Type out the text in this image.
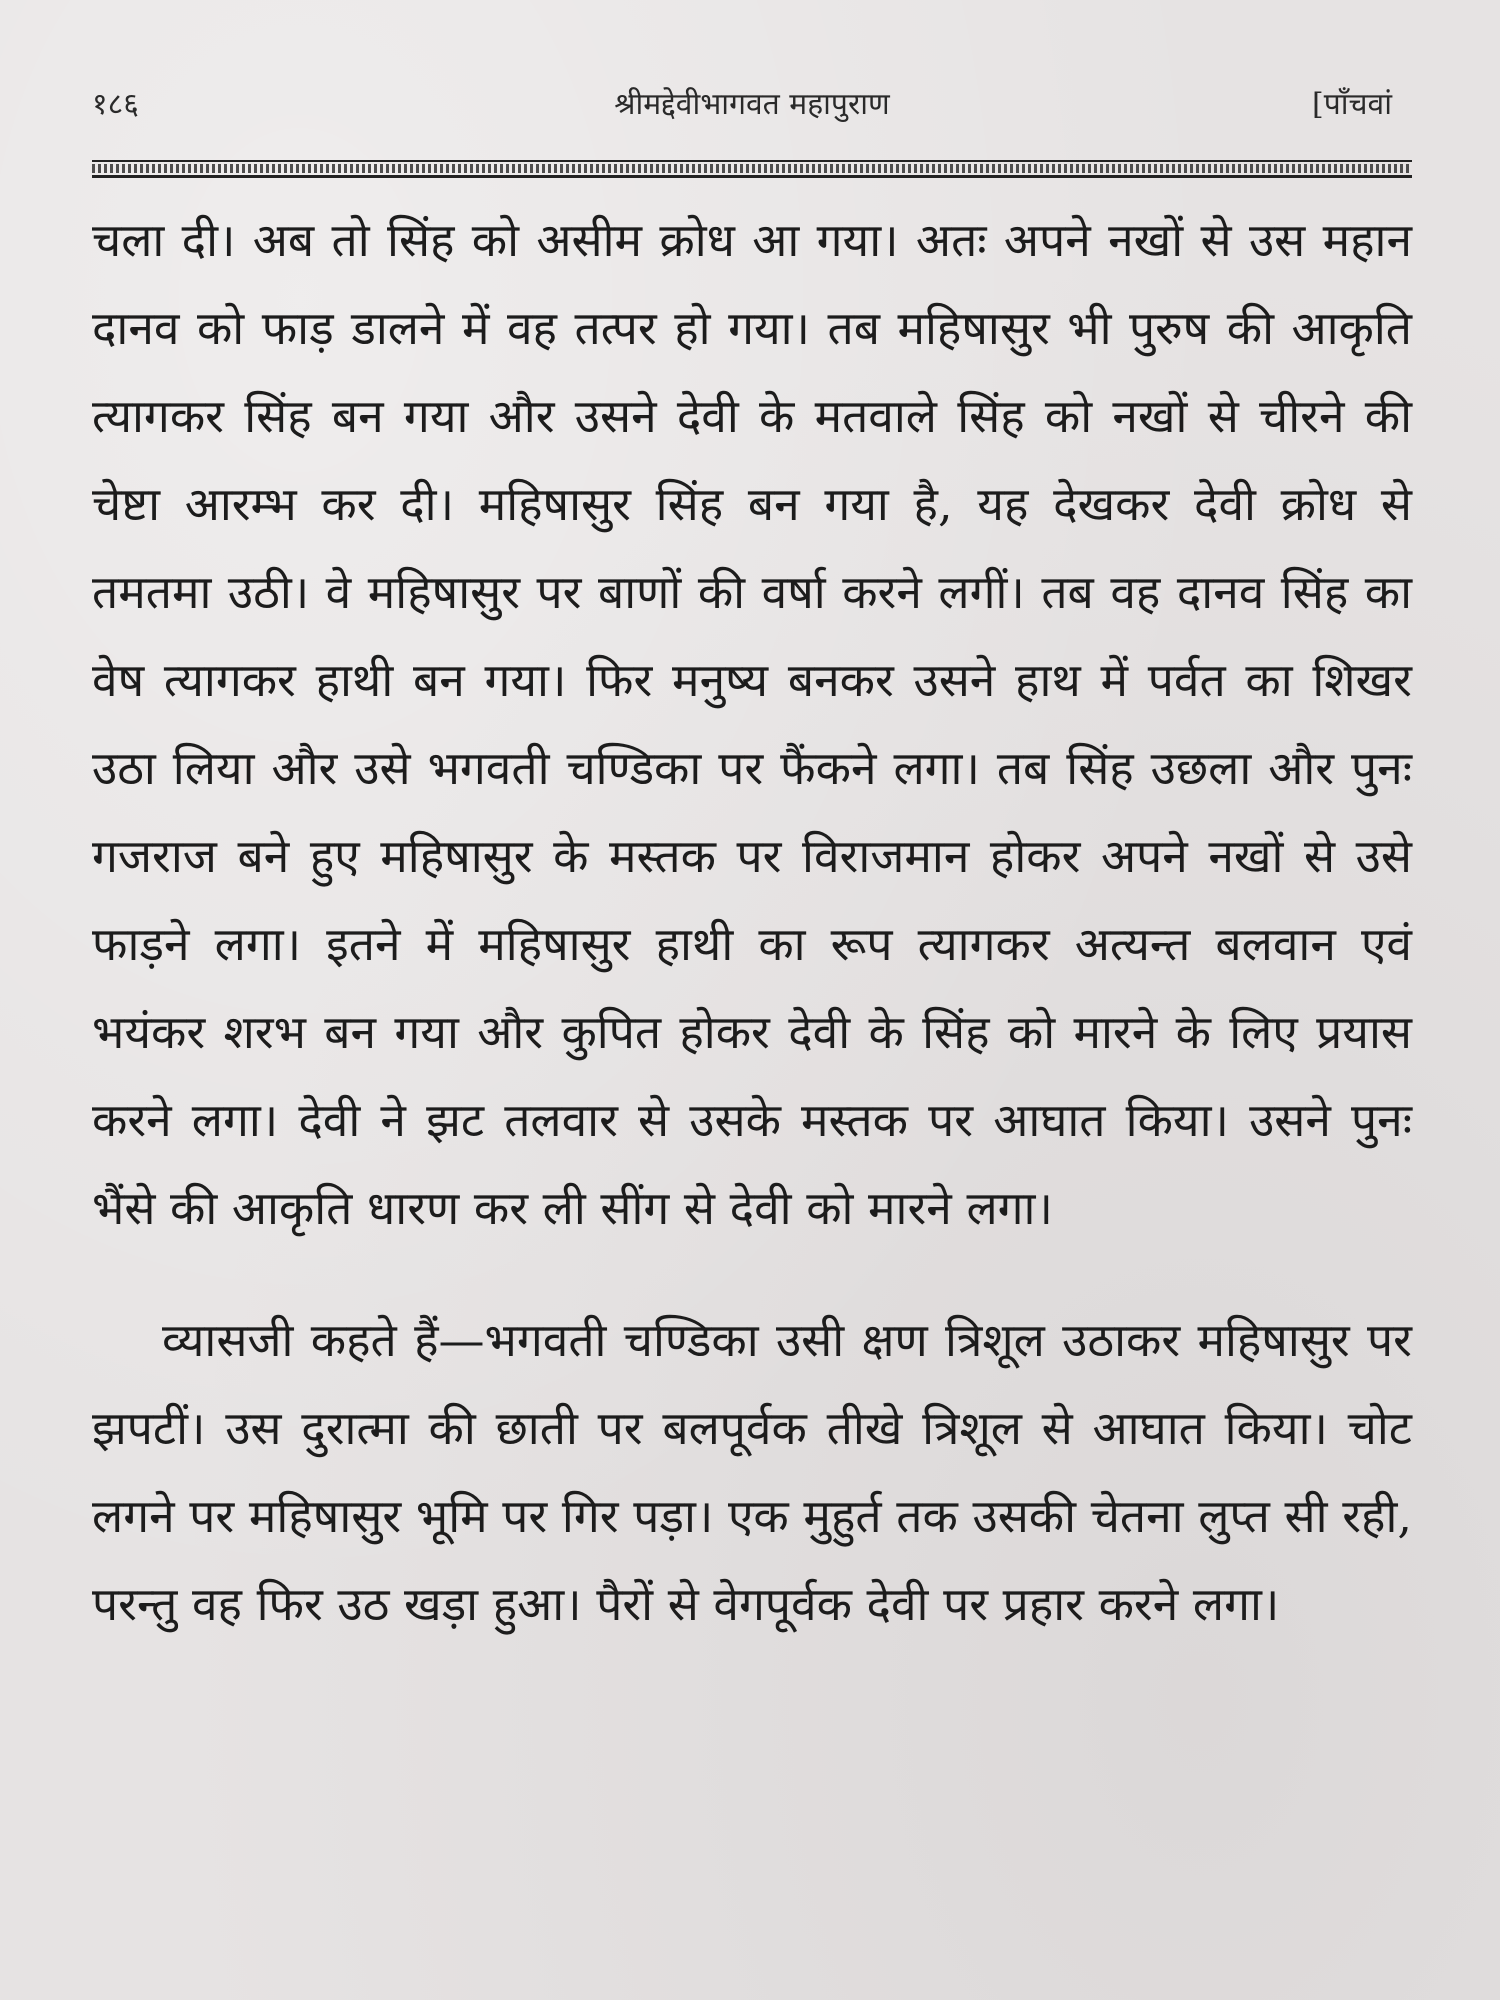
१८६	श्रीमद्देवीभागवत महापुराण	[पाँचवां

चला दी। अब तो सिंह को असीम क्रोध आ गया। अतः अपने नखों से उस महान दानव को फाड़ डालने में वह तत्पर हो गया। तब महिषासुर भी पुरुष की आकृति त्यागकर सिंह बन गया और उसने देवी के मतवाले सिंह को नखों से चीरने की चेष्टा आरम्भ कर दी। महिषासुर सिंह बन गया है, यह देखकर देवी क्रोध से तमतमा उठी। वे महिषासुर पर बाणों की वर्षा करने लगीं। तब वह दानव सिंह का वेष त्यागकर हाथी बन गया। फिर मनुष्य बनकर उसने हाथ में पर्वत का शिखर उठा लिया और उसे भगवती चण्डिका पर फैंकने लगा। तब सिंह उछला और पुनः गजराज बने हुए महिषासुर के मस्तक पर विराजमान होकर अपने नखों से उसे फाड़ने लगा। इतने में महिषासुर हाथी का रूप त्यागकर अत्यन्त बलवान एवं भयंकर शरभ बन गया और कुपित होकर देवी के सिंह को मारने के लिए प्रयास करने लगा। देवी ने झट तलवार से उसके मस्तक पर आघात किया। उसने पुनः भैंसे की आकृति धारण कर ली सींग से देवी को मारने लगा।

व्यासजी कहते हैं—भगवती चण्डिका उसी क्षण त्रिशूल उठाकर महिषासुर पर झपटीं। उस दुरात्मा की छाती पर बलपूर्वक तीखे त्रिशूल से आघात किया। चोट लगने पर महिषासुर भूमि पर गिर पड़ा। एक मुहुर्त तक उसकी चेतना लुप्त सी रही, परन्तु वह फिर उठ खड़ा हुआ। पैरों से वेगपूर्वक देवी पर प्रहार करने लगा।
